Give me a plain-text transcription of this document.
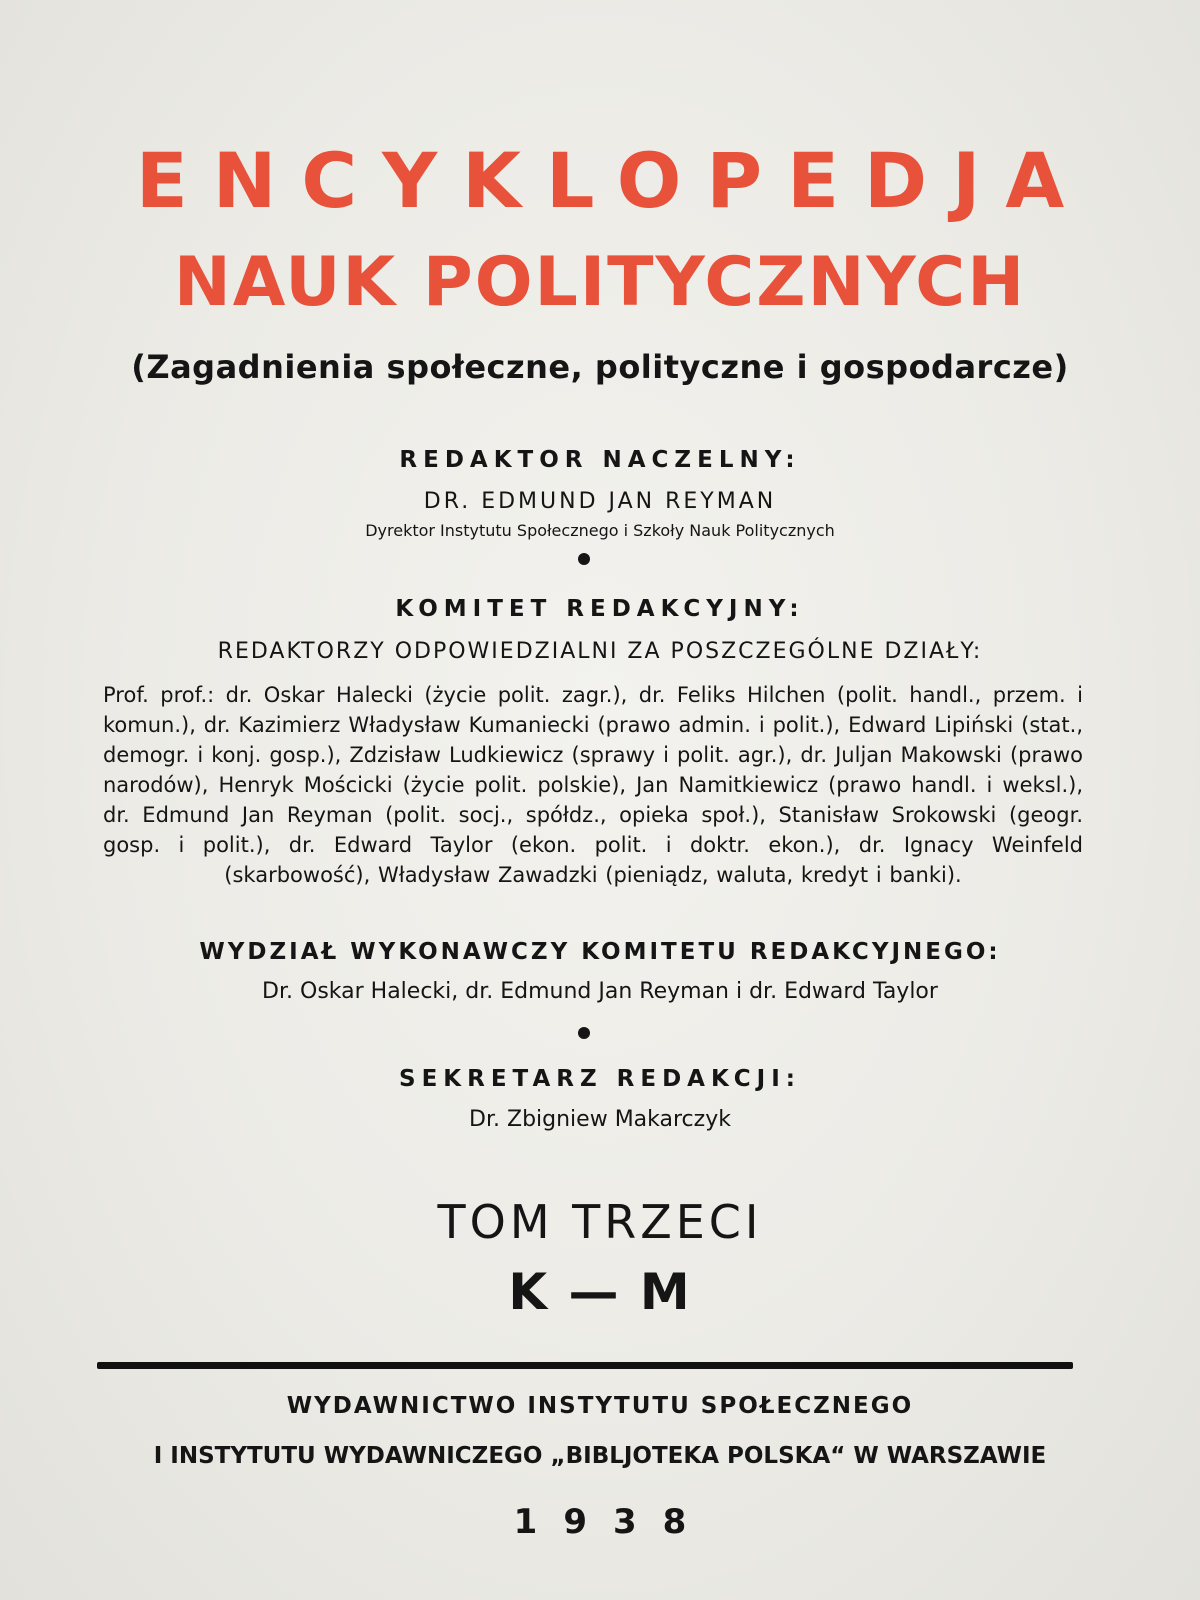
ENCYKLOPEDJA
NAUK POLITYCZNYCH
(Zagadnienia społeczne, polityczne i gospodarcze)
REDAKTOR NACZELNY:
DR. EDMUND JAN REYMAN
Dyrektor Instytutu Społecznego i Szkoły Nauk Politycznych
KOMITET REDAKCYJNY:
REDAKTORZY ODPOWIEDZIALNI ZA POSZCZEGÓLNE DZIAŁY:
Prof. prof.: dr. Oskar Halecki (życie polit. zagr.), dr. Feliks Hilchen (polit. handl., przem. i komun.), dr. Kazimierz Władysław Kumaniecki (prawo admin. i polit.), Edward Lipiński (stat., demogr. i konj. gosp.), Zdzisław Ludkiewicz (sprawy i polit. agr.), dr. Juljan Makowski (prawo narodów), Henryk Mościcki (życie polit. polskie), Jan Namitkiewicz (prawo handl. i weksl.), dr. Edmund Jan Reyman (polit. socj., spółdz., opieka społ.), Stanisław Srokowski (geogr. gosp. i polit.), dr. Edward Taylor (ekon. polit. i doktr. ekon.), dr. Ignacy Weinfeld (skarbowość), Władysław Zawadzki (pieniądz, waluta, kredyt i banki).
WYDZIAŁ WYKONAWCZY KOMITETU REDAKCYJNEGO:
Dr. Oskar Halecki, dr. Edmund Jan Reyman i dr. Edward Taylor
SEKRETARZ REDAKCJI:
Dr. Zbigniew Makarczyk
TOM TRZECI
K — M
WYDAWNICTWO INSTYTUTU SPOŁECZNEGO
I INSTYTUTU WYDAWNICZEGO „BIBLJOTEKA POLSKA“ W WARSZAWIE
1938
